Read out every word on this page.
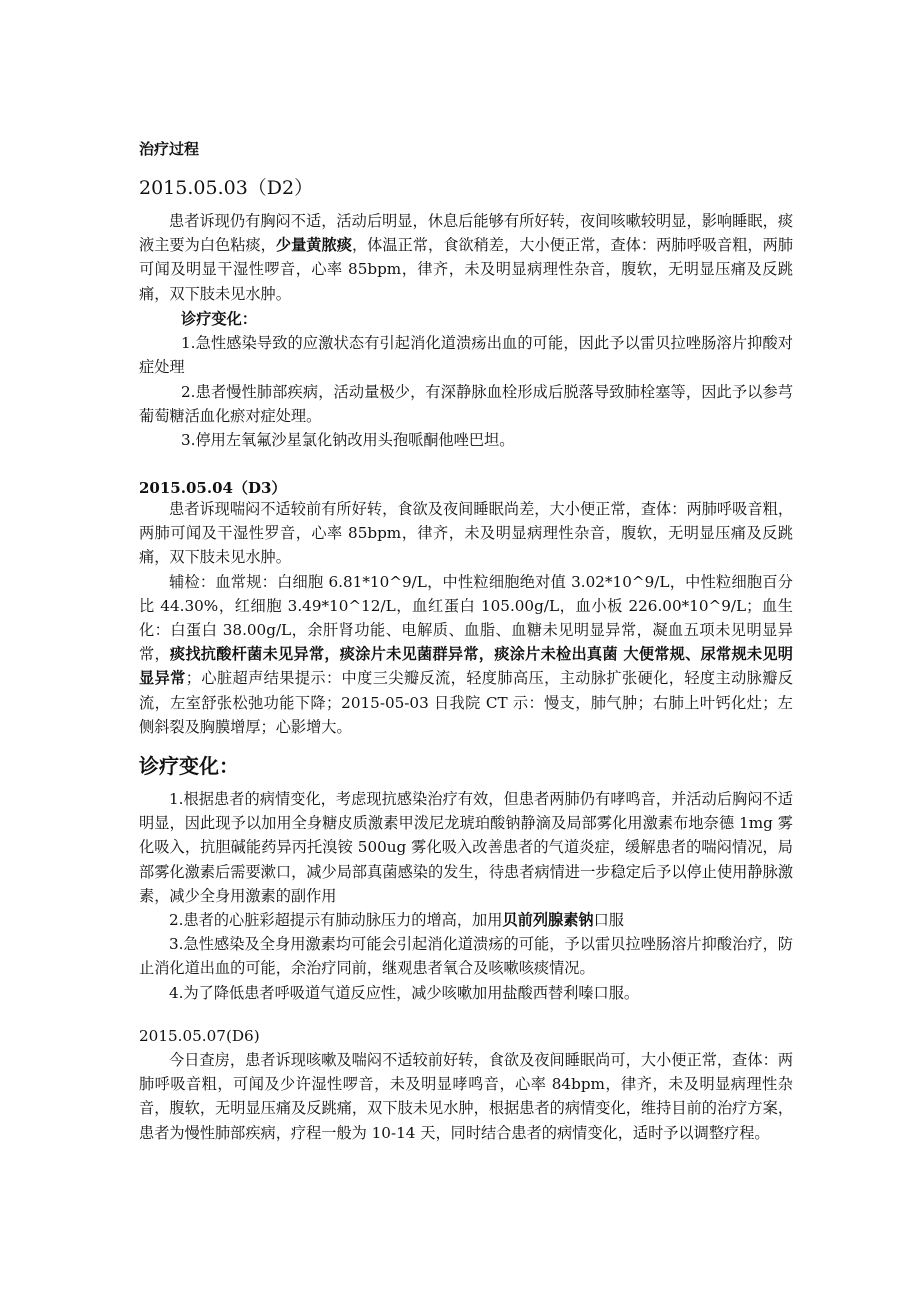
治疗过程

2015.05.03（D2）

患者诉现仍有胸闷不适，活动后明显，休息后能够有所好转，夜间咳嗽较明显，影响睡眠，痰液主要为白色粘痰，少量黄脓痰，体温正常，食欲稍差，大小便正常，查体：两肺呼吸音粗，两肺可闻及明显干湿性啰音，心率 85bpm，律齐，未及明显病理性杂音，腹软，无明显压痛及反跳痛，双下肢未见水肿。

诊疗变化：

1.急性感染导致的应激状态有引起消化道溃疡出血的可能，因此予以雷贝拉唑肠溶片抑酸对症处理

2.患者慢性肺部疾病，活动量极少，有深静脉血栓形成后脱落导致肺栓塞等，因此予以参芎葡萄糖活血化瘀对症处理。

3.停用左氧氟沙星氯化钠改用头孢哌酮他唑巴坦。

2015.05.04（D3）

患者诉现喘闷不适较前有所好转，食欲及夜间睡眠尚差，大小便正常，查体：两肺呼吸音粗，两肺可闻及干湿性罗音，心率 85bpm，律齐，未及明显病理性杂音，腹软，无明显压痛及反跳痛，双下肢未见水肿。

辅检：血常规：白细胞 6.81*10^9/L，中性粒细胞绝对值 3.02*10^9/L，中性粒细胞百分比 44.30%，红细胞 3.49*10^12/L，血红蛋白 105.00g/L，血小板 226.00*10^9/L；血生化：白蛋白 38.00g/L，余肝肾功能、电解质、血脂、血糖未见明显异常，凝血五项未见明显异常，痰找抗酸杆菌未见异常，痰涂片未见菌群异常，痰涂片未检出真菌 大便常规、尿常规未见明显异常；心脏超声结果提示：中度三尖瓣反流，轻度肺高压，主动脉扩张硬化，轻度主动脉瓣反流，左室舒张松弛功能下降；2015-05-03 日我院 CT 示：慢支，肺气肿；右肺上叶钙化灶；左侧斜裂及胸膜增厚；心影增大。

诊疗变化：

1.根据患者的病情变化，考虑现抗感染治疗有效，但患者两肺仍有哮鸣音，并活动后胸闷不适明显，因此现予以加用全身糖皮质激素甲泼尼龙琥珀酸钠静滴及局部雾化用激素布地奈德 1mg 雾化吸入，抗胆碱能药异丙托溴铵 500ug 雾化吸入改善患者的气道炎症，缓解患者的喘闷情况，局部雾化激素后需要漱口，减少局部真菌感染的发生，待患者病情进一步稳定后予以停止使用静脉激素，减少全身用激素的副作用

2.患者的心脏彩超提示有肺动脉压力的增高，加用贝前列腺素钠口服

3.急性感染及全身用激素均可能会引起消化道溃疡的可能，予以雷贝拉唑肠溶片抑酸治疗，防止消化道出血的可能，余治疗同前，继观患者氧合及咳嗽咳痰情况。

4.为了降低患者呼吸道气道反应性，减少咳嗽加用盐酸西替利嗪口服。

2015.05.07(D6)

今日查房，患者诉现咳嗽及喘闷不适较前好转，食欲及夜间睡眠尚可，大小便正常，查体：两肺呼吸音粗，可闻及少许湿性啰音，未及明显哮鸣音，心率 84bpm，律齐，未及明显病理性杂音，腹软，无明显压痛及反跳痛，双下肢未见水肿，根据患者的病情变化，维持目前的治疗方案，患者为慢性肺部疾病，疗程一般为 10-14 天，同时结合患者的病情变化，适时予以调整疗程。
